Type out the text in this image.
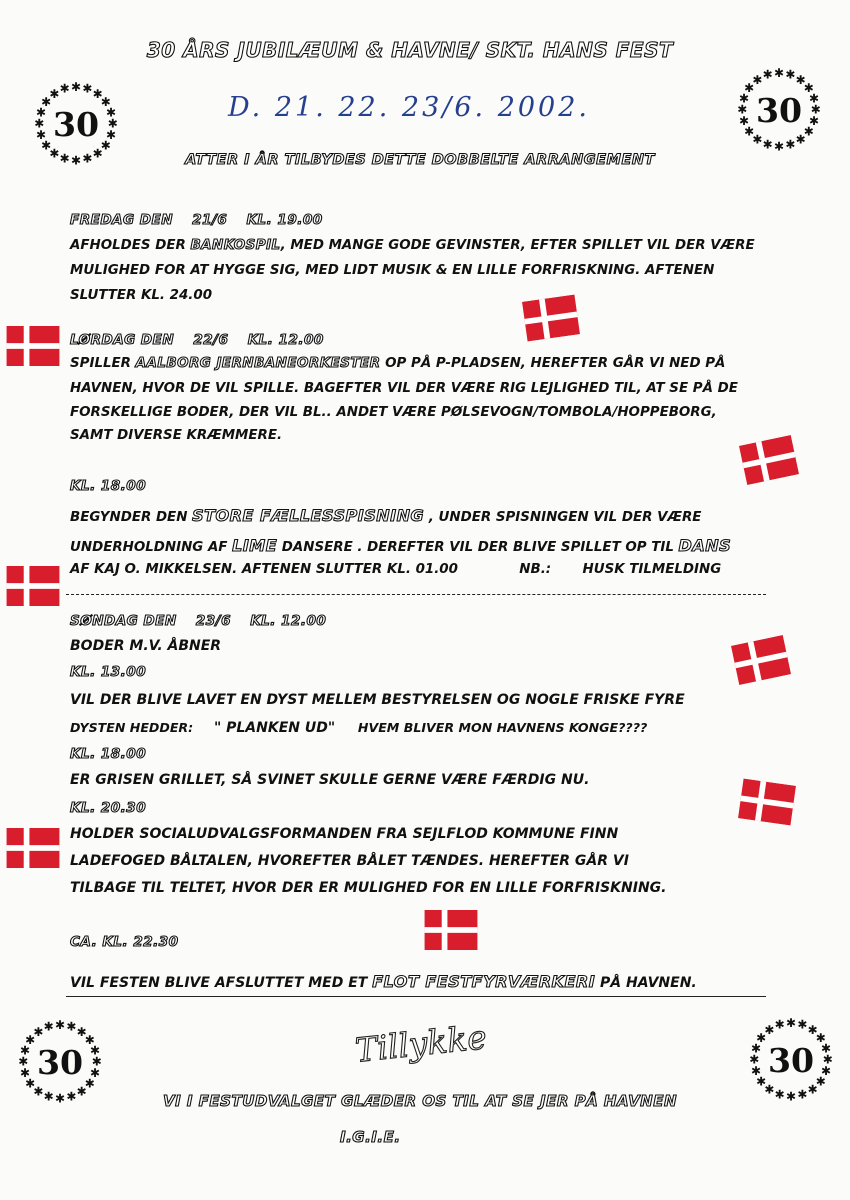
✱
✱
✱
✱
✱
✱
✱
✱
✱
✱
✱
✱
✱
✱ ✱ ✱ ✱ ✱
✱
✱
30	✱
✱
✱
✱
✱
✱
✱
✱
✱
✱
✱
✱
✱
✱ ✱ ✱ ✱ ✱
✱
✱
30
✱
✱
✱
✱
✱
✱
✱
✱
✱
✱
✱
✱
✱
✱ ✱ ✱ ✱ ✱
✱
✱
30	✱
✱
✱
✱
✱
✱
✱
✱
✱
✱
✱
✱
✱
✱ ✱ ✱ ✱ ✱
✱
✱
30
30 ÅRS JUBILÆUM & HAVNE/ SKT. HANS FEST
D. 21. 22. 23/6. 2002.
ATTER I ÅR TILBYDES DETTE DOBBELTE ARRANGEMENT
FREDAG DEN 21/6 KL. 19.00
AFHOLDES DER BANKOSPIL, MED MANGE GODE GEVINSTER, EFTER SPILLET VIL DER VÆRE
MULIGHED FOR AT HYGGE SIG, MED LIDT MUSIK & EN LILLE FORFRISKNING. AFTENEN
SLUTTER KL. 24.00
LØRDAG DEN 22/6 KL. 12.00
SPILLER AALBORG JERNBANEORKESTER OP PÅ P-PLADSEN, HEREFTER GÅR VI NED PÅ
HAVNEN, HVOR DE VIL SPILLE. BAGEFTER VIL DER VÆRE RIG LEJLIGHED TIL, AT SE PÅ DE
FORSKELLIGE BODER, DER VIL BL.. ANDET VÆRE PØLSEVOGN/TOMBOLA/HOPPEBORG,
SAMT DIVERSE KRÆMMERE.
KL. 18.00
BEGYNDER DEN STORE FÆLLESSPISNING , UNDER SPISNINGEN VIL DER VÆRE
UNDERHOLDNING AF LIME DANSERE . DEREFTER VIL DER BLIVE SPILLET OP TIL DANS
AF KAJ O. MIKKELSEN. AFTENEN SLUTTER KL. 01.00	NB.: HUSK TILMELDING
SØNDAG DEN 23/6 KL. 12.00
BODER M.V. ÅBNER
KL. 13.00
VIL DER BLIVE LAVET EN DYST MELLEM BESTYRELSEN OG NOGLE FRISKE FYRE
DYSTEN HEDDER: " PLANKEN UD" HVEM BLIVER MON HAVNENS KONGE????
KL. 18.00
ER GRISEN GRILLET, SÅ SVINET SKULLE GERNE VÆRE FÆRDIG NU.
KL. 20.30
HOLDER SOCIALUDVALGSFORMANDEN FRA SEJLFLOD KOMMUNE FINN
LADEFOGED BÅLTALEN, HVOREFTER BÅLET TÆNDES. HEREFTER GÅR VI
TILBAGE TIL TELTET, HVOR DER ER MULIGHED FOR EN LILLE FORFRISKNING.
CA. KL. 22.30
VIL FESTEN BLIVE AFSLUTTET MED ET FLOT FESTFYRVÆRKERI PÅ HAVNEN.
Tillykke
VI I FESTUDVALGET GLÆDER OS TIL AT SE JER PÅ HAVNEN
I.G.I.E.
